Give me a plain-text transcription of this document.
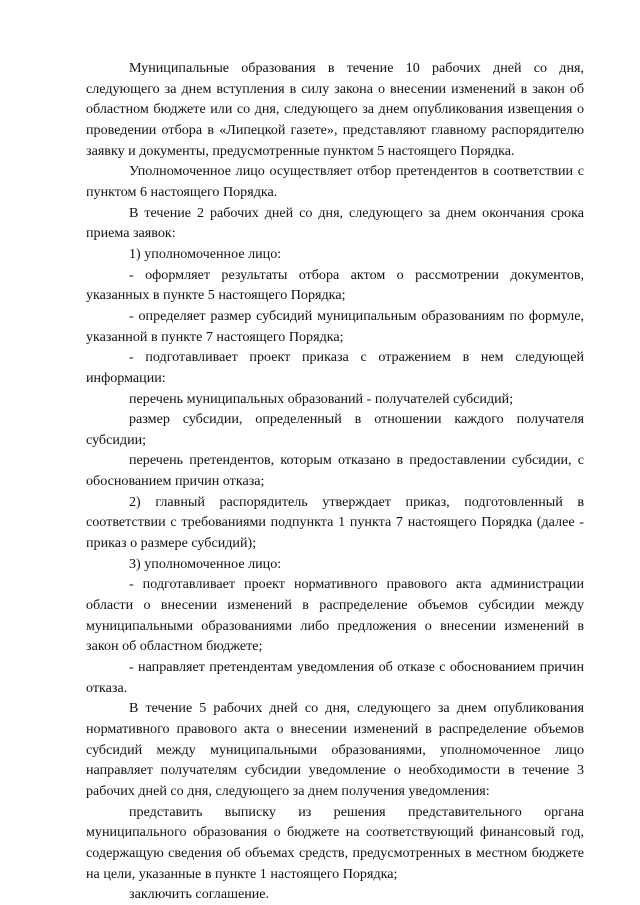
Муниципальные образования в течение 10 рабочих дней со дня, следующего за днем вступления в силу закона о внесении изменений в закон об областном бюджете или со дня, следующего за днем опубликования извещения о проведении отбора в «Липецкой газете», представляют главному распорядителю заявку и документы, предусмотренные пунктом 5 настоящего Порядка.

Уполномоченное лицо осуществляет отбор претендентов в соответствии с пунктом 6 настоящего Порядка.

В течение 2 рабочих дней со дня, следующего за днем окончания срока приема заявок:

1) уполномоченное лицо:

- оформляет результаты отбора актом о рассмотрении документов, указанных в пункте 5 настоящего Порядка;

- определяет размер субсидий муниципальным образованиям по формуле, указанной в пункте 7 настоящего Порядка;

- подготавливает проект приказа с отражением в нем следующей информации:

перечень муниципальных образований - получателей субсидий;

размер субсидии, определенный в отношении каждого получателя субсидии;

перечень претендентов, которым отказано в предоставлении субсидии, с обоснованием причин отказа;

2) главный распорядитель утверждает приказ, подготовленный в соответствии с требованиями подпункта 1 пункта 7 настоящего Порядка (далее - приказ о размере субсидий);

3) уполномоченное лицо:

- подготавливает проект нормативного правового акта администрации области о внесении изменений в распределение объемов субсидии между муниципальными образованиями либо предложения о внесении изменений в закон об областном бюджете;

- направляет претендентам уведомления об отказе с обоснованием причин отказа.

В течение 5 рабочих дней со дня, следующего за днем опубликования нормативного правового акта о внесении изменений в распределение объемов субсидий между муниципальными образованиями, уполномоченное лицо направляет получателям субсидии уведомление о необходимости в течение 3 рабочих дней со дня, следующего за днем получения уведомления:

представить выписку из решения представительного органа муниципального образования о бюджете на соответствующий финансовый год, содержащую сведения об объемах средств, предусмотренных в местном бюджете на цели, указанные в пункте 1 настоящего Порядка;

заключить соглашение.
